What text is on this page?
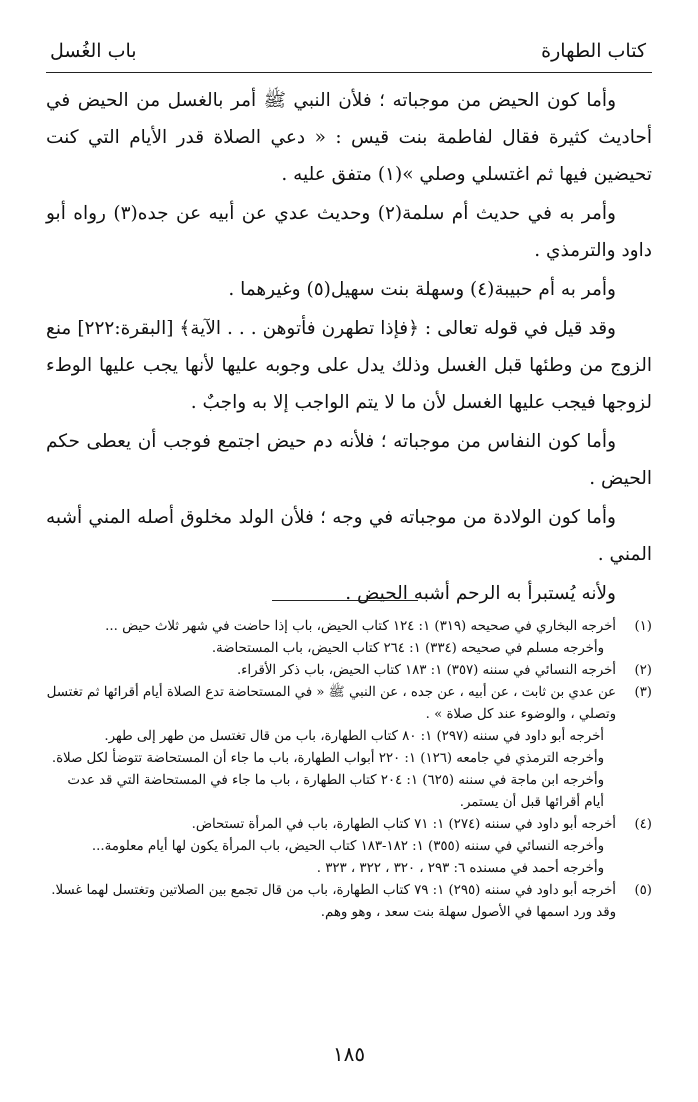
كتاب الطهارة
باب الغُسل

وأما كون الحيض من موجباته ؛ فلأن النبي ﷺ أمر بالغسل من الحيض في أحاديث كثيرة فقال لفاطمة بنت قيس : « دعي الصلاة قدر الأيام التي كنت تحيضين فيها ثم اغتسلي وصلي »(١) متفق عليه .

وأمر به في حديث أم سلمة(٢) وحديث عدي عن أبيه عن جده(٣) رواه أبو داود والترمذي .

وأمر به أم حبيبة(٤) وسهلة بنت سهيل(٥) وغيرهما .

وقد قيل في قوله تعالى : ﴿فإذا تطهرن فأتوهن . . . الآية﴾ [البقرة:٢٢٢] منع الزوج من وطئها قبل الغسل وذلك يدل على وجوبه عليها لأنها يجب عليها الوطء لزوجها فيجب عليها الغسل لأن ما لا يتم الواجب إلا به واجبٌ .

وأما كون النفاس من موجباته ؛ فلأنه دم حيض اجتمع فوجب أن يعطى حكم الحيض .

وأما كون الولادة من موجباته في وجه ؛ فلأن الولد مخلوق أصله المني أشبه المني .

ولأنه يُستبرأ به الرحم أشبه الحيض .

(١)
أخرجه البخاري في صحيحه (٣١٩) ١: ١٢٤ كتاب الحيض، باب إذا حاضت في شهر ثلاث حيض ...
وأخرجه مسلم في صحيحه (٣٣٤) ١: ٢٦٤ كتاب الحيض، باب المستحاضة.
(٢)
أخرجه النسائي في سننه (٣٥٧) ١: ١٨٣ كتاب الحيض، باب ذكر الأقراء.
(٣)
عن عدي بن ثابت ، عن أبيه ، عن جده ، عن النبي ﷺ « في المستحاضة تدع الصلاة أيام أقرائها ثم تغتسل وتصلي ، والوضوء عند كل صلاة » .
أخرجه أبو داود في سننه (٢٩٧) ١: ٨٠ كتاب الطهارة، باب من قال تغتسل من طهر إلى طهر.
وأخرجه الترمذي في جامعه (١٢٦) ١: ٢٢٠ أبواب الطهارة، باب ما جاء أن المستحاضة تتوضأ لكل صلاة.
وأخرجه ابن ماجة في سننه (٦٢٥) ١: ٢٠٤ كتاب الطهارة ، باب ما جاء في المستحاضة التي قد عدت أيام أقرائها قبل أن يستمر.
(٤)
أخرجه أبو داود في سننه (٢٧٤) ١: ٧١ كتاب الطهارة، باب في المرأة تستحاض.
وأخرجه النسائي في سننه (٣٥٥) ١: ١٨٢-١٨٣ كتاب الحيض، باب المرأة يكون لها أيام معلومة...
وأخرجه أحمد في مسنده ٦: ٢٩٣ ، ٣٢٠ ، ٣٢٢ ، ٣٢٣ .
(٥)
أخرجه أبو داود في سننه (٢٩٥) ١: ٧٩ كتاب الطهارة، باب من قال تجمع بين الصلاتين وتغتسل لهما غسلا. وقد ورد اسمها في الأصول سهلة بنت سعد ، وهو وهم.
١٨٥
